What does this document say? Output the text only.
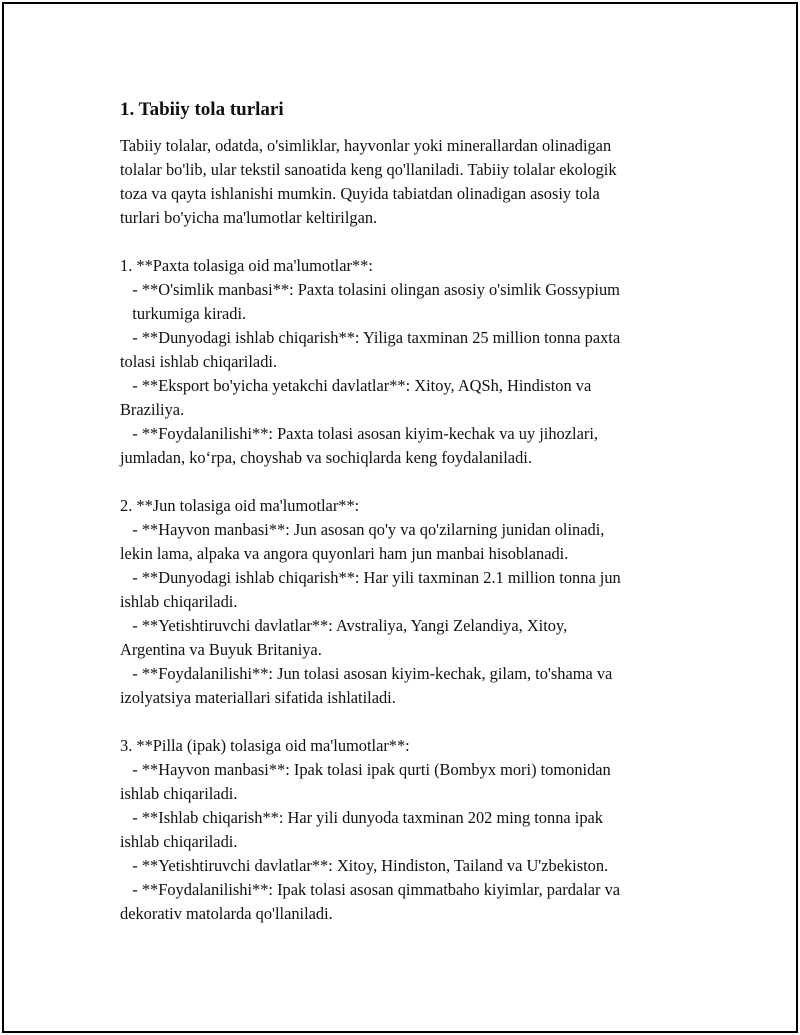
1. Tabiiy tola turlari
Tabiiy tolalar, odatda, o'simliklar, hayvonlar yoki minerallardan olinadigan
tolalar bo'lib, ular tekstil sanoatida keng qo'llaniladi. Tabiiy tolalar ekologik
toza va qayta ishlanishi mumkin. Quyida tabiatdan olinadigan asosiy tola
turlari bo'yicha ma'lumotlar keltirilgan.
1. **Paxta tolasiga oid ma'lumotlar**:
- **O'simlik manbasi**: Paxta tolasini olingan asosiy o'simlik Gossypium
turkumiga kiradi.
- **Dunyodagi ishlab chiqarish**: Yiliga taxminan 25 million tonna paxta
tolasi ishlab chiqariladi.
- **Eksport bo'yicha yetakchi davlatlar**: Xitoy, AQSh, Hindiston va
Braziliya.
- **Foydalanilishi**: Paxta tolasi asosan kiyim-kechak va uy jihozlari,
jumladan, ko‘rpa, choyshab va sochiqlarda keng foydalaniladi.
2. **Jun tolasiga oid ma'lumotlar**:
- **Hayvon manbasi**: Jun asosan qo'y va qo'zilarning junidan olinadi,
lekin lama, alpaka va angora quyonlari ham jun manbai hisoblanadi.
- **Dunyodagi ishlab chiqarish**: Har yili taxminan 2.1 million tonna jun
ishlab chiqariladi.
- **Yetishtiruvchi davlatlar**: Avstraliya, Yangi Zelandiya, Xitoy,
Argentina va Buyuk Britaniya.
- **Foydalanilishi**: Jun tolasi asosan kiyim-kechak, gilam, to'shama va
izolyatsiya materiallari sifatida ishlatiladi.
3. **Pilla (ipak) tolasiga oid ma'lumotlar**:
- **Hayvon manbasi**: Ipak tolasi ipak qurti (Bombyx mori) tomonidan
ishlab chiqariladi.
- **Ishlab chiqarish**: Har yili dunyoda taxminan 202 ming tonna ipak
ishlab chiqariladi.
- **Yetishtiruvchi davlatlar**: Xitoy, Hindiston, Tailand va U'zbekiston.
- **Foydalanilishi**: Ipak tolasi asosan qimmatbaho kiyimlar, pardalar va
dekorativ matolarda qo'llaniladi.
